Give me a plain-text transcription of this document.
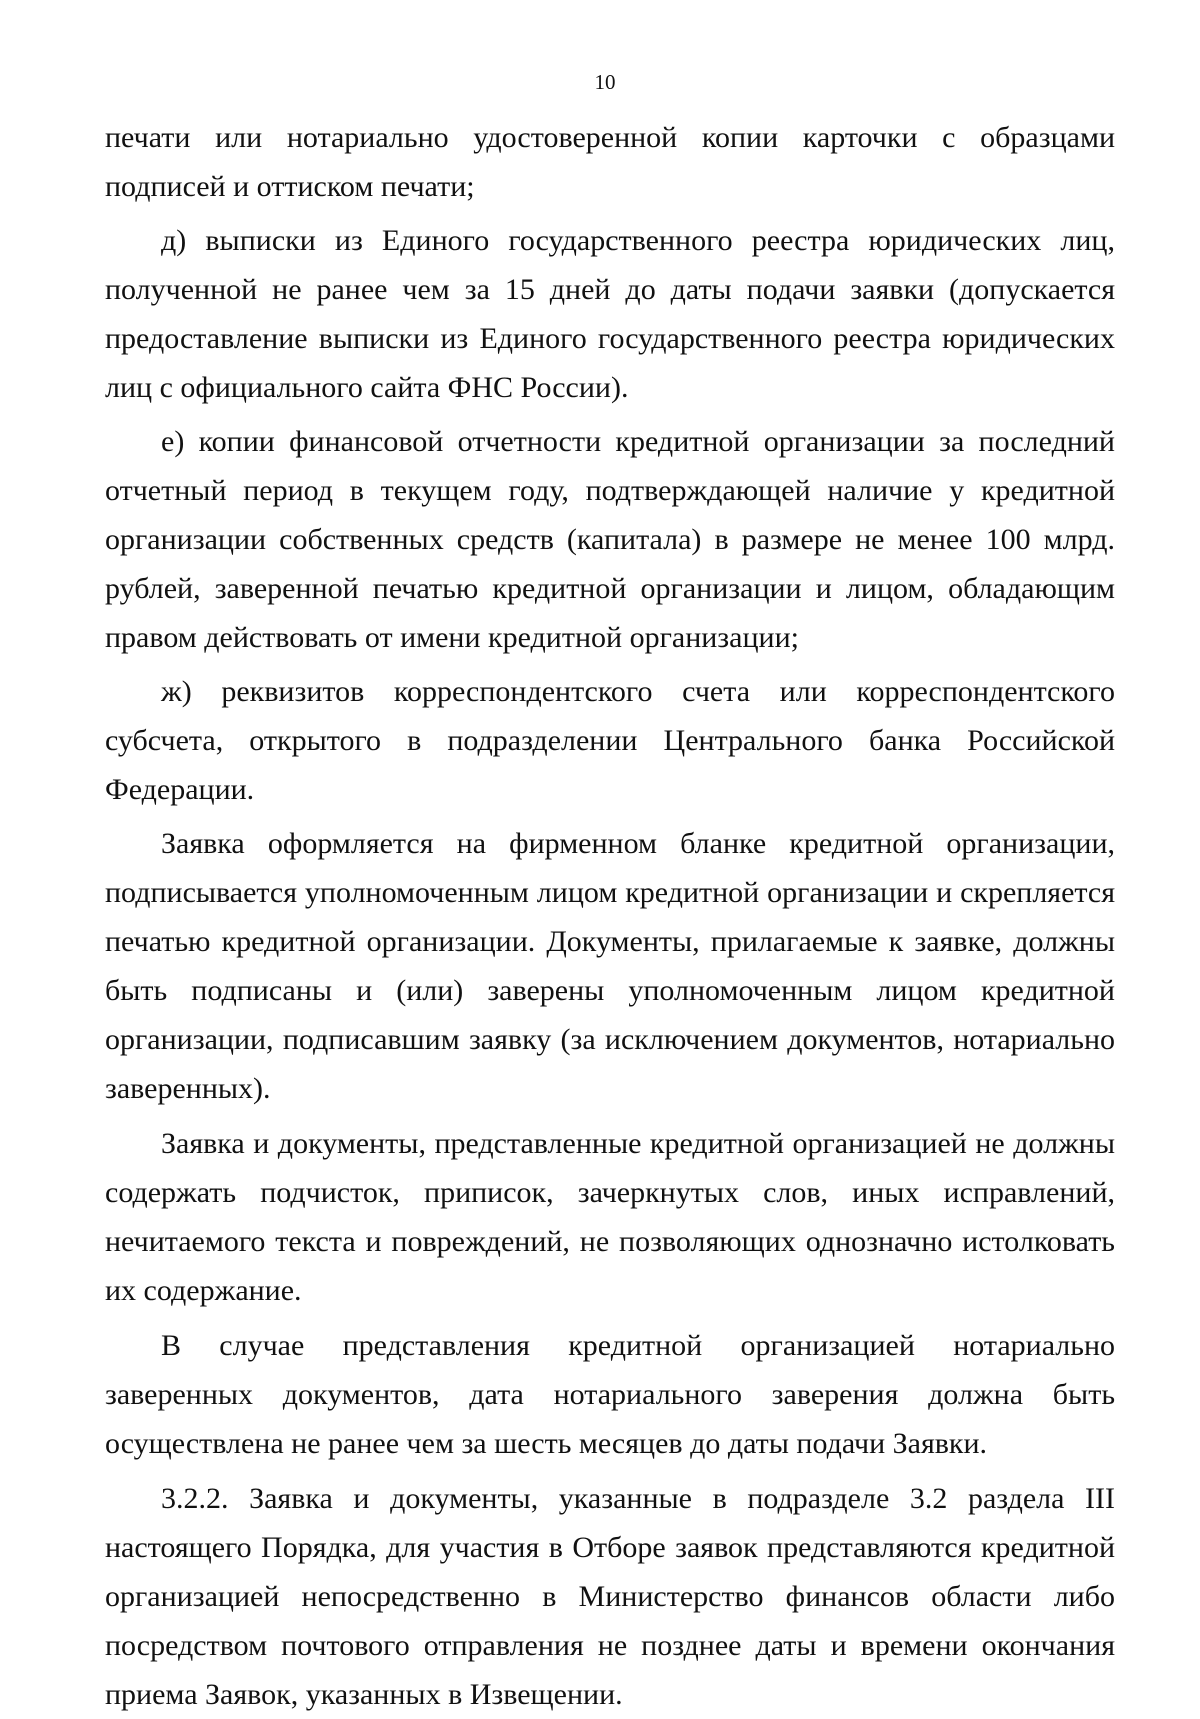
10

печати или нотариально удостоверенной копии карточки с образцами подписей и оттиском печати;

д) выписки из Единого государственного реестра юридических лиц, полученной не ранее чем за 15 дней до даты подачи заявки (допускается предоставление выписки из Единого государственного реестра юридических лиц с официального сайта ФНС России).

е) копии финансовой отчетности кредитной организации за последний отчетный период в текущем году, подтверждающей наличие у кредитной организации собственных средств (капитала) в размере не менее 100 млрд. рублей, заверенной печатью кредитной организации и лицом, обладающим правом действовать от имени кредитной организации;

ж) реквизитов корреспондентского счета или корреспондентского субсчета, открытого в подразделении Центрального банка Российской Федерации.

Заявка оформляется на фирменном бланке кредитной организации, подписывается уполномоченным лицом кредитной организации и скрепляется печатью кредитной организации. Документы, прилагаемые к заявке, должны быть подписаны и (или) заверены уполномоченным лицом кредитной организации, подписавшим заявку (за исключением документов, нотариально заверенных).

Заявка и документы, представленные кредитной организацией не должны содержать подчисток, приписок, зачеркнутых слов, иных исправлений, нечитаемого текста и повреждений, не позволяющих однозначно истолковать их содержание.

В случае представления кредитной организацией нотариально заверенных документов, дата нотариального заверения должна быть осуществлена не ранее чем за шесть месяцев до даты подачи Заявки.

3.2.2. Заявка и документы, указанные в подразделе 3.2 раздела III настоящего Порядка, для участия в Отборе заявок представляются кредитной организацией непосредственно в Министерство финансов области либо посредством почтового отправления не позднее даты и времени окончания приема Заявок, указанных в Извещении.
